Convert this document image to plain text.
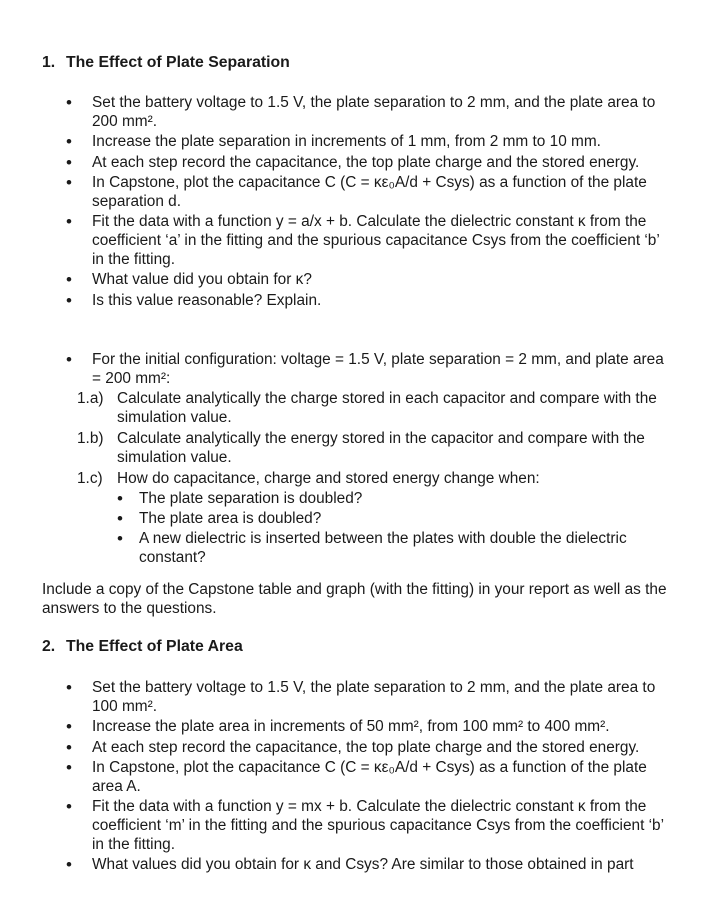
1. The Effect of Plate Separation
• Set the battery voltage to 1.5 V, the plate separation to 2 mm, and the plate area to 200 mm².
• Increase the plate separation in increments of 1 mm, from 2 mm to 10 mm.
• At each step record the capacitance, the top plate charge and the stored energy.
• In Capstone, plot the capacitance C (C = κε₀A/d + Csys) as a function of the plate separation d.
• Fit the data with a function y = a/x + b. Calculate the dielectric constant κ from the coefficient ‘a’ in the fitting and the spurious capacitance Csys from the coefficient ‘b’ in the fitting.
• What value did you obtain for κ?
• Is this value reasonable? Explain.
• For the initial configuration: voltage = 1.5 V, plate separation = 2 mm, and plate area = 200 mm²:
1.a) Calculate analytically the charge stored in each capacitor and compare with the simulation value.
1.b) Calculate analytically the energy stored in the capacitor and compare with the simulation value.
1.c) How do capacitance, charge and stored energy change when:
• The plate separation is doubled?
• The plate area is doubled?
• A new dielectric is inserted between the plates with double the dielectric constant?

Include a copy of the Capstone table and graph (with the fitting) in your report as well as the answers to the questions.

2. The Effect of Plate Area
• Set the battery voltage to 1.5 V, the plate separation to 2 mm, and the plate area to 100 mm².
• Increase the plate area in increments of 50 mm², from 100 mm² to 400 mm².
• At each step record the capacitance, the top plate charge and the stored energy.
• In Capstone, plot the capacitance C (C = κε₀A/d + Csys) as a function of the plate area A.
• Fit the data with a function y = mx + b. Calculate the dielectric constant κ from the coefficient ‘m’ in the fitting and the spurious capacitance Csys from the coefficient ‘b’ in the fitting.
• What values did you obtain for κ and Csys? Are similar to those obtained in part
